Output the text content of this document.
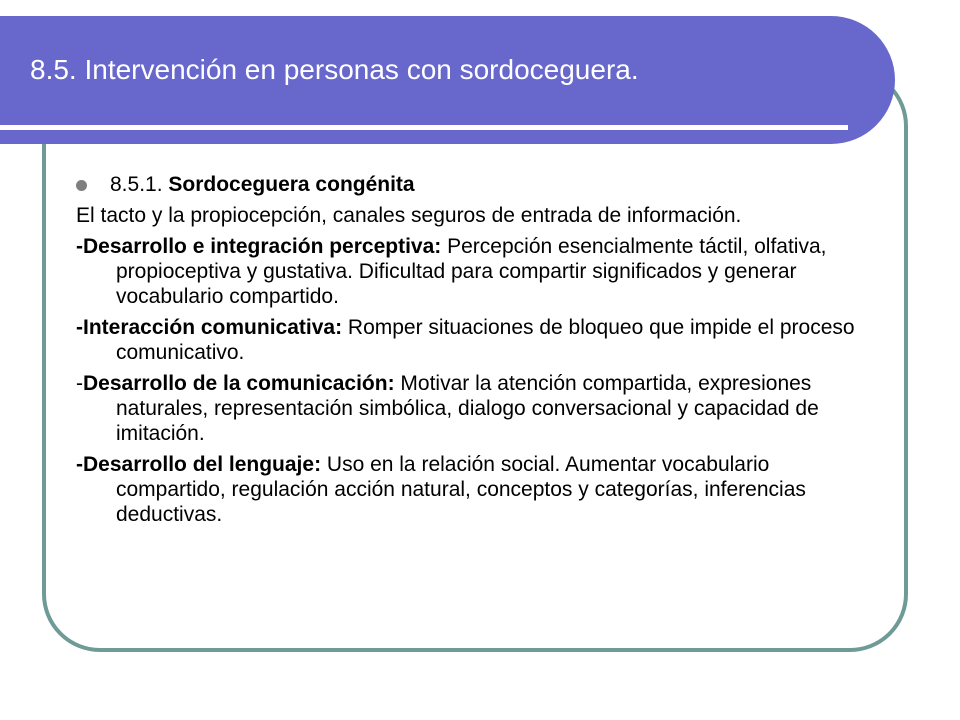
8.5. Intervención en personas con sordoceguera.
8.5.1. Sordoceguera congénita

El tacto y la propiocepción, canales seguros de entrada de información.

-Desarrollo e integración perceptiva: Percepción esencialmente táctil, olfativa, propioceptiva y gustativa. Dificultad para compartir significados y generar vocabulario compartido.

-Interacción comunicativa: Romper situaciones de bloqueo que impide el proceso comunicativo.

-Desarrollo de la comunicación: Motivar la atención compartida, expresiones naturales, representación simbólica, dialogo conversacional y capacidad de imitación.

-Desarrollo del lenguaje: Uso en la relación social. Aumentar vocabulario compartido, regulación acción natural, conceptos y categorías, inferencias deductivas.
